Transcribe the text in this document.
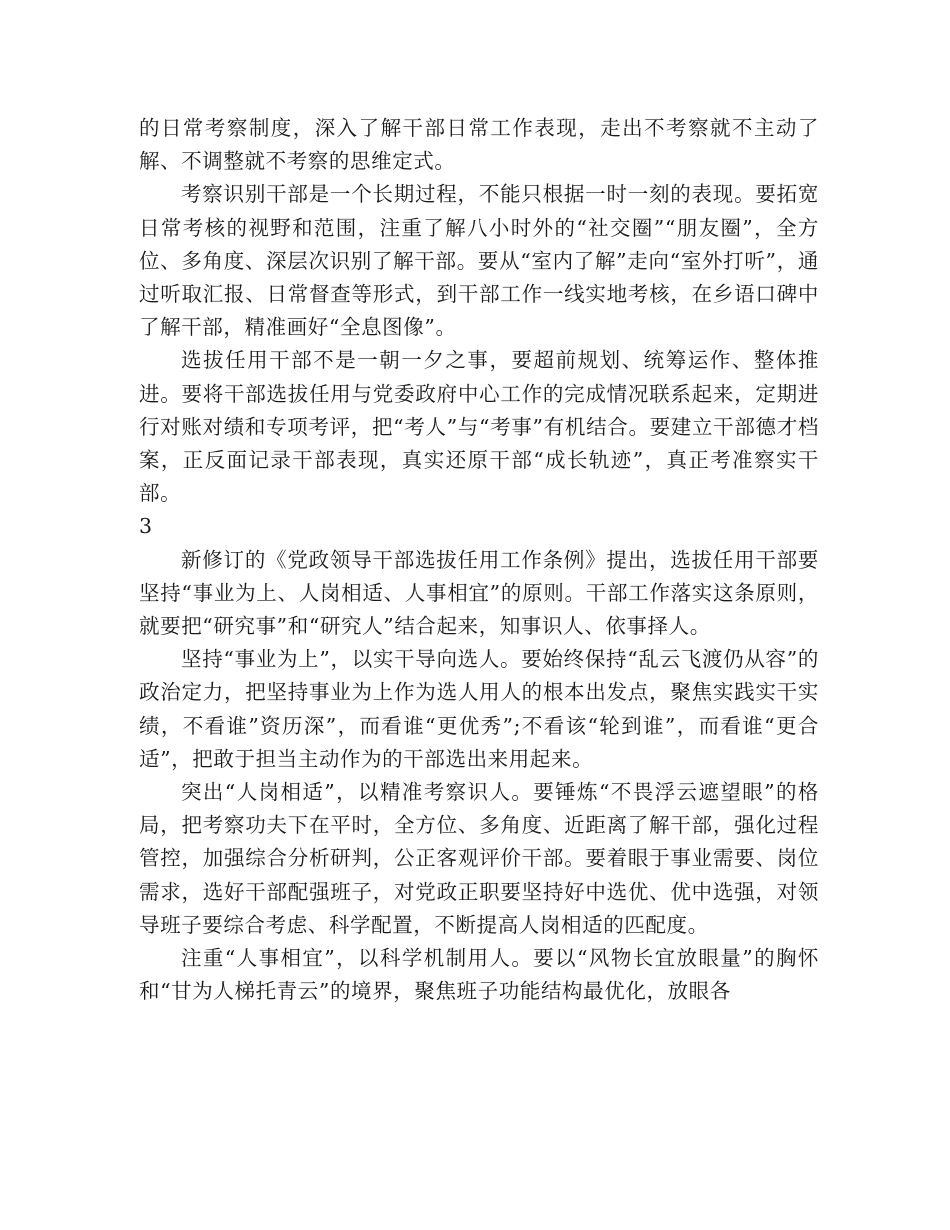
的日常考察制度，深入了解干部日常工作表现，走出不考察就不主动了解、不调整就不考察的思维定式。

考察识别干部是一个长期过程，不能只根据一时一刻的表现。要拓宽日常考核的视野和范围，注重了解八小时外的“社交圈”“朋友圈”，全方位、多角度、深层次识别了解干部。要从“室内了解”走向“室外打听”，通过听取汇报、日常督查等形式，到干部工作一线实地考核，在乡语口碑中了解干部，精准画好“全息图像”。

选拔任用干部不是一朝一夕之事，要超前规划、统筹运作、整体推进。要将干部选拔任用与党委政府中心工作的完成情况联系起来，定期进行对账对绩和专项考评，把“考人”与“考事”有机结合。要建立干部德才档案，正反面记录干部表现，真实还原干部“成长轨迹”，真正考准察实干部。

3

新修订的《党政领导干部选拔任用工作条例》提出，选拔任用干部要坚持“事业为上、人岗相适、人事相宜”的原则。干部工作落实这条原则，就要把“研究事”和“研究人”结合起来，知事识人、依事择人。

坚持“事业为上”，以实干导向选人。要始终保持“乱云飞渡仍从容”的政治定力，把坚持事业为上作为选人用人的根本出发点，聚焦实践实干实绩，不看谁”资历深”，而看谁“更优秀”;不看该“轮到谁”，而看谁“更合适”，把敢于担当主动作为的干部选出来用起来。

突出“人岗相适”，以精准考察识人。要锤炼“不畏浮云遮望眼”的格局，把考察功夫下在平时，全方位、多角度、近距离了解干部，强化过程管控，加强综合分析研判，公正客观评价干部。要着眼于事业需要、岗位需求，选好干部配强班子，对党政正职要坚持好中选优、优中选强，对领导班子要综合考虑、科学配置，不断提高人岗相适的匹配度。

注重“人事相宜”，以科学机制用人。要以“风物长宜放眼量”的胸怀和“甘为人梯托青云”的境界，聚焦班子功能结构最优化，放眼各
